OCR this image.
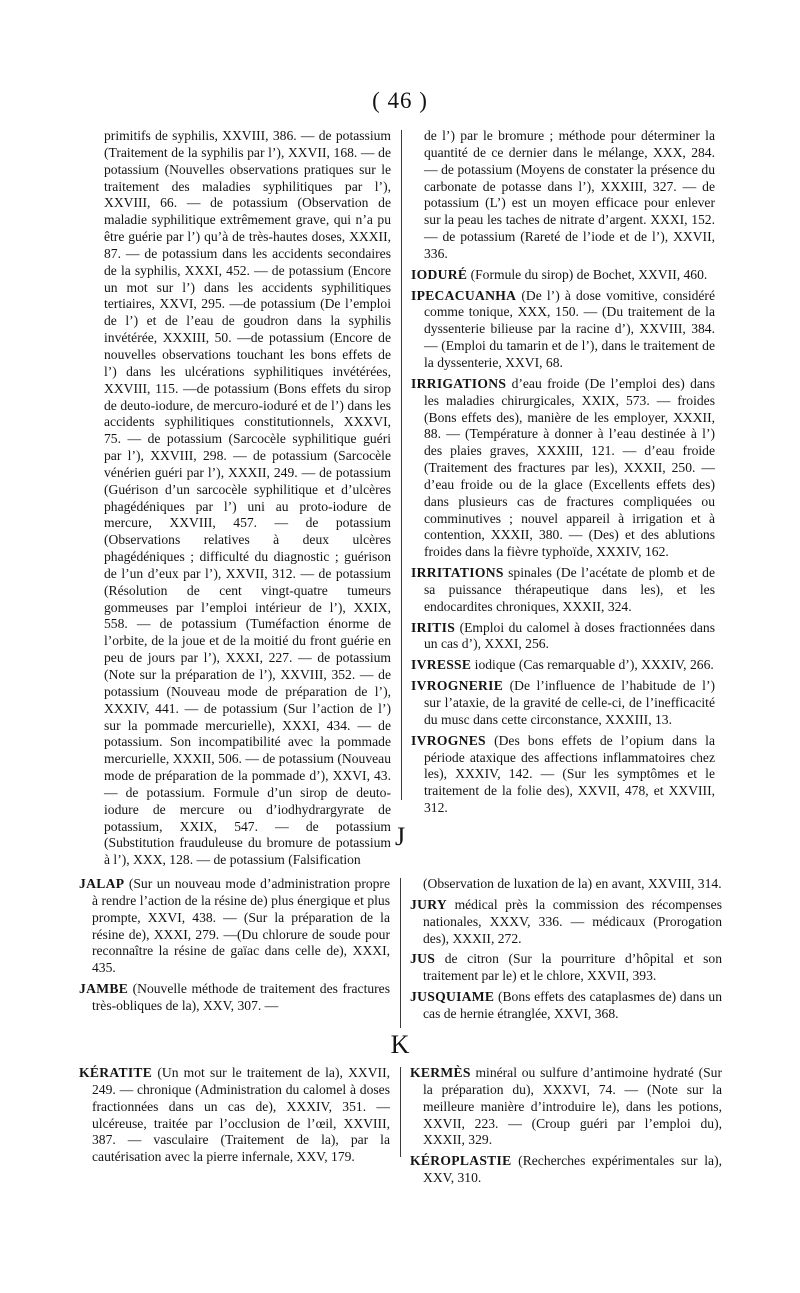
( 46 )

primitifs de syphilis, XXVIII, 386. — de potassium (Traitement de la syphilis par l’), XXVII, 168. — de potassium (Nouvelles observations pratiques sur le traitement des maladies syphilitiques par l’), XXVIII, 66. — de potassium (Observation de maladie syphilitique extrêmement grave, qui n’a pu être guérie par l’) qu’à de très-hautes doses, XXXII, 87. — de potassium dans les accidents secondaires de la syphilis, XXXI, 452. — de potassium (Encore un mot sur l’) dans les accidents syphilitiques tertiaires, XXVI, 295. —de potassium (De l’emploi de l’) et de l’eau de goudron dans la syphilis invétérée, XXXIII, 50. —de potassium (Encore de nouvelles observations touchant les bons effets de l’) dans les ulcérations syphilitiques invétérées, XXVIII, 115. —de potassium (Bons effets du sirop de deuto-iodure, de mercuro-ioduré et de l’) dans les accidents syphilitiques constitutionnels, XXXVI, 75. — de potassium (Sarcocèle syphilitique guéri par l’), XXVIII, 298. — de potassium (Sarcocèle vénérien guéri par l’), XXXII, 249. — de potassium (Guérison d’un sarcocèle syphilitique et d’ulcères phagédéniques par l’) uni au proto-iodure de mercure, XXVIII, 457. — de potassium (Observations relatives à deux ulcères phagédéniques ; difficulté du diagnostic ; guérison de l’un d’eux par l’), XXVII, 312. — de potassium (Résolution de cent vingt-quatre tumeurs gommeuses par l’emploi intérieur de l’), XXIX, 558. — de potassium (Tuméfaction énorme de l’orbite, de la joue et de la moitié du front guérie en peu de jours par l’), XXXI, 227. — de potassium (Note sur la préparation de l’), XXVIII, 352. — de potassium (Nouveau mode de préparation de l’), XXXIV, 441. — de potassium (Sur l’action de l’) sur la pommade mercurielle), XXXI, 434. — de potassium. Son incompatibilité avec la pommade mercurielle, XXXII, 506. — de potassium (Nouveau mode de préparation de la pommade d’), XXVI, 43. — de potassium. Formule d’un sirop de deuto-iodure de mercure ou d’iodhydrargyrate de potassium, XXIX, 547. — de potassium (Substitution frauduleuse du bromure de potassium à l’), XXX, 128. — de potassium (Falsification

de l’) par le bromure ; méthode pour déterminer la quantité de ce dernier dans le mélange, XXX, 284. — de potassium (Moyens de constater la présence du carbonate de potasse dans l’), XXXIII, 327. — de potassium (L’) est un moyen efficace pour enlever sur la peau les taches de nitrate d’argent. XXXI, 152. — de potassium (Rareté de l’iode et de l’), XXVII, 336.

IODURÉ (Formule du sirop) de Bochet, XXVII, 460.

IPECACUANHA (De l’) à dose vomitive, considéré comme tonique, XXX, 150. — (Du traitement de la dyssenterie bilieuse par la racine d’), XXVIII, 384. — (Emploi du tamarin et de l’), dans le traitement de la dyssenterie, XXVI, 68.

IRRIGATIONS d’eau froide (De l’emploi des) dans les maladies chirurgicales, XXIX, 573. — froides (Bons effets des), manière de les employer, XXXII, 88. — (Température à donner à l’eau destinée à l’) des plaies graves, XXXIII, 121. — d’eau froide (Traitement des fractures par les), XXXII, 250. —d’eau froide ou de la glace (Excellents effets des) dans plusieurs cas de fractures compliquées ou comminutives ; nouvel appareil à irrigation et à contention, XXXII, 380. — (Des) et des ablutions froides dans la fièvre typhoïde, XXXIV, 162.

IRRITATIONS spinales (De l’acétate de plomb et de sa puissance thérapeutique dans les), et les endocardites chroniques, XXXII, 324.

IRITIS (Emploi du calomel à doses fractionnées dans un cas d’), XXXI, 256.

IVRESSE iodique (Cas remarquable d’), XXXIV, 266.

IVROGNERIE (De l’influence de l’habitude de l’) sur l’ataxie, de la gravité de celle-ci, de l’inefficacité du musc dans cette circonstance, XXXIII, 13.

IVROGNES (Des bons effets de l’opium dans la période ataxique des affections inflammatoires chez les), XXXIV, 142. — (Sur les symptômes et le traitement de la folie des), XXVII, 478, et XXVIII, 312.

J

JALAP (Sur un nouveau mode d’administration propre à rendre l’action de la résine de) plus énergique et plus prompte, XXVI, 438. — (Sur la préparation de la résine de), XXXI, 279. —(Du chlorure de soude pour reconnaître la résine de gaïac dans celle de), XXXI, 435.

JAMBE (Nouvelle méthode de traitement des fractures très-obliques de la), XXV, 307. —

(Observation de luxation de la) en avant, XXVIII, 314.

JURY médical près la commission des récompenses nationales, XXXV, 336. — médicaux (Prorogation des), XXXII, 272.

JUS de citron (Sur la pourriture d’hôpital et son traitement par le) et le chlore, XXVII, 393.

JUSQUIAME (Bons effets des cataplasmes de) dans un cas de hernie étranglée, XXVI, 368.

K

KÉRATITE (Un mot sur le traitement de la), XXVII, 249. — chronique (Administration du calomel à doses fractionnées dans un cas de), XXXIV, 351. — ulcéreuse, traitée par l’occlusion de l’œil, XXVIII, 387. — vasculaire (Traitement de la), par la cautérisation avec la pierre infernale, XXV, 179.

KERMÈS minéral ou sulfure d’antimoine hydraté (Sur la préparation du), XXXVI, 74. — (Note sur la meilleure manière d’introduire le), dans les potions, XXVII, 223. — (Croup guéri par l’emploi du), XXXII, 329.

KÉROPLASTIE (Recherches expérimentales sur la), XXV, 310.
